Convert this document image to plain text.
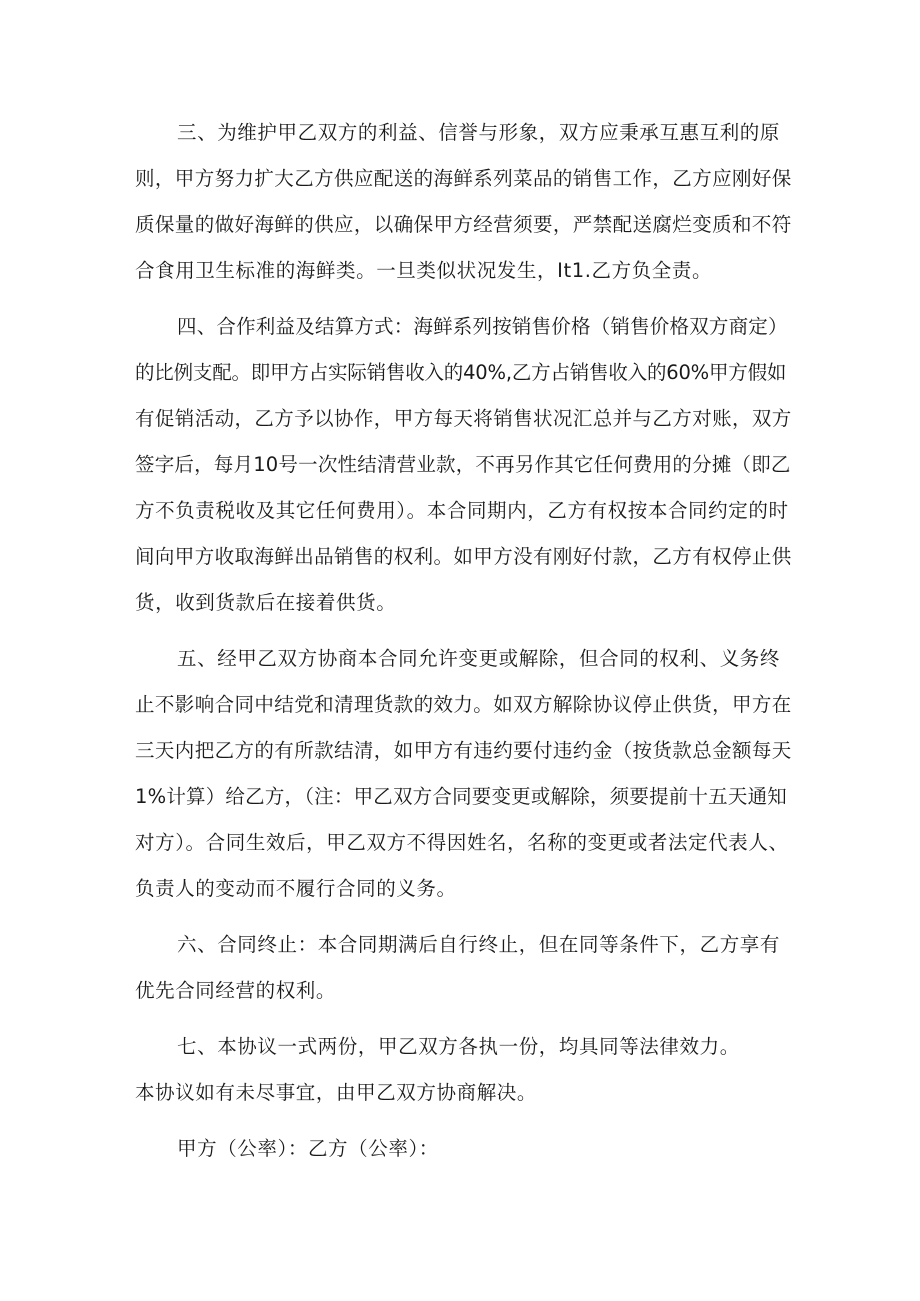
三、为维护甲乙双方的利益、信誉与形象，双方应秉承互惠互利的原
则，甲方努力扩大乙方供应配送的海鲜系列菜品的销售工作，乙方应刚好保
质保量的做好海鲜的供应，以确保甲方经营须要，严禁配送腐烂变质和不符
合食用卫生标准的海鲜类。一旦类似状况发生，It1.乙方负全责。
四、合作利益及结算方式：海鲜系列按销售价格（销售价格双方商定）
的比例支配。即甲方占实际销售收入的40%,乙方占销售收入的60%甲方假如
有促销活动，乙方予以协作，甲方每天将销售状况汇总并与乙方对账，双方
签字后，每月10号一次性结清营业款，不再另作其它任何费用的分摊（即乙
方不负责税收及其它任何费用）。本合同期内，乙方有权按本合同约定的时
间向甲方收取海鲜出品销售的权利。如甲方没有刚好付款，乙方有权停止供
货，收到货款后在接着供货。
五、经甲乙双方协商本合同允许变更或解除，但合同的权利、义务终
止不影响合同中结党和清理货款的效力。如双方解除协议停止供货，甲方在
三天内把乙方的有所款结清，如甲方有违约要付违约金（按货款总金额每天
1%计算）给乙方，（注：甲乙双方合同要变更或解除，须要提前十五天通知
对方）。合同生效后，甲乙双方不得因姓名，名称的变更或者法定代表人、
负责人的变动而不履行合同的义务。
六、合同终止：本合同期满后自行终止，但在同等条件下，乙方享有
优先合同经营的权利。
七、本协议一式两份，甲乙双方各执一份，均具同等法律效力。
本协议如有未尽事宜，由甲乙双方协商解决。
甲方（公率）：乙方（公率）：
